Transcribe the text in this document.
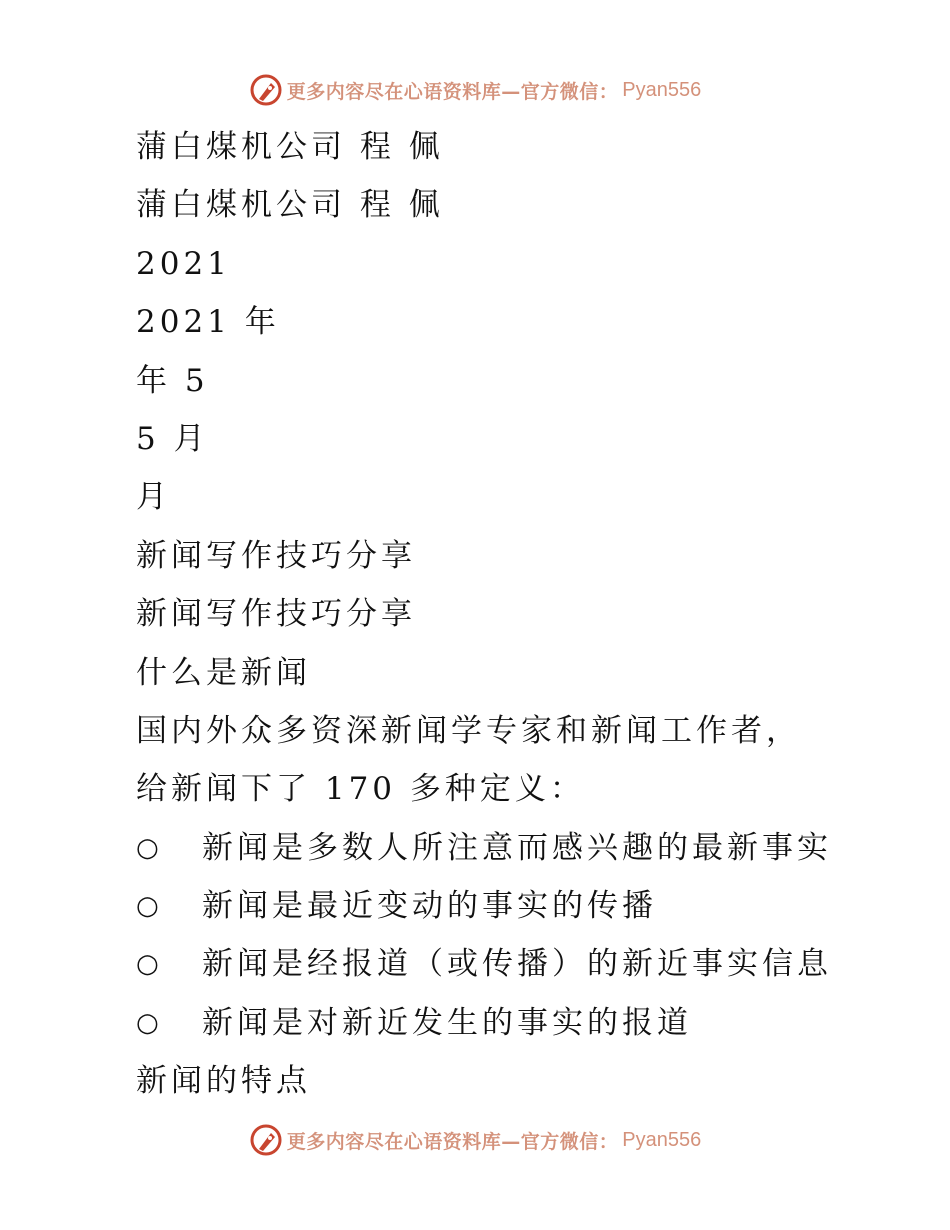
更多内容尽在心语资料库—官方微信： Pyan556
蒲白煤机公司 程 佩
蒲白煤机公司 程 佩
2021
2021 年
年 5
5 月
月
新闻写作技巧分享
新闻写作技巧分享
什么是新闻
国内外众多资深新闻学专家和新闻工作者，
给新闻下了 170 多种定义：
○	新闻是多数人所注意而感兴趣的最新事实
○	新闻是最近变动的事实的传播
○	新闻是经报道（或传播）的新近事实信息
○	新闻是对新近发生的事实的报道
新闻的特点
更多内容尽在心语资料库—官方微信： Pyan556
